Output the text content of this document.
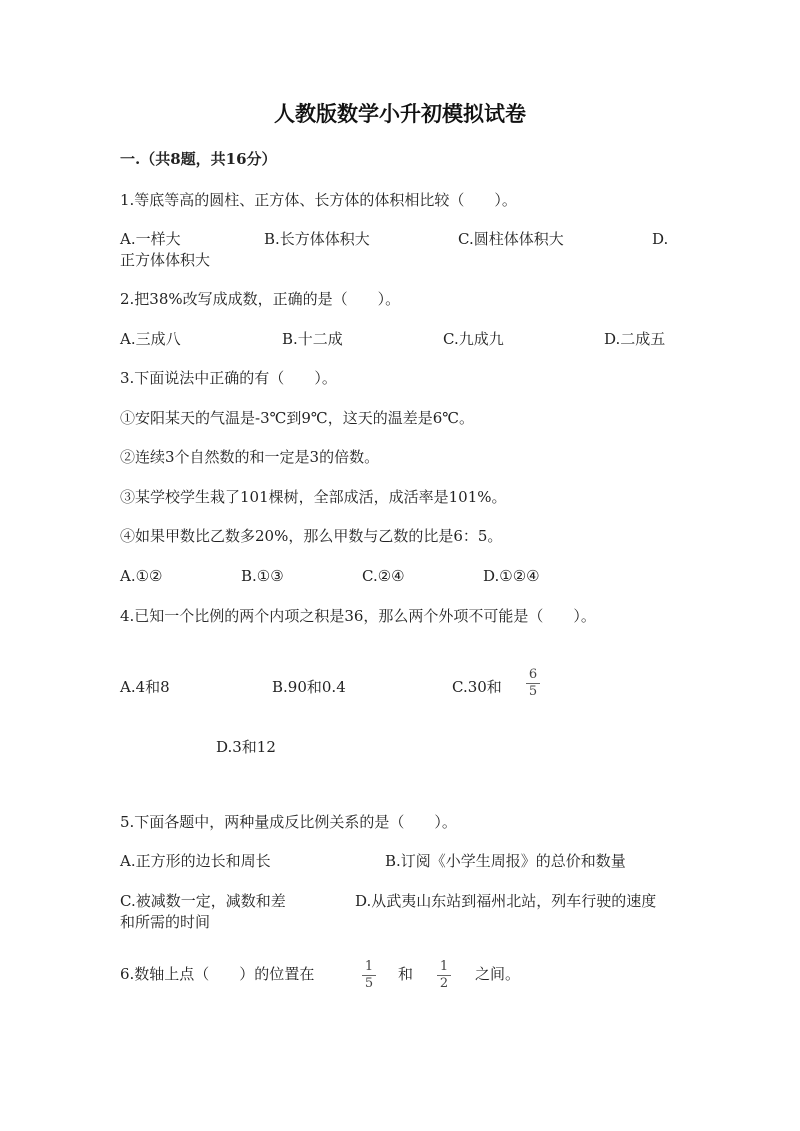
人教版数学小升初模拟试卷
一.（共8题，共16分）
1.等底等高的圆柱、正方体、长方体的体积相比较（　　）。
A.一样大	B.长方体体积大	C.圆柱体体积大	D.
正方体体积大
2.把38%改写成成数，正确的是（　　）。
A.三成八	B.十二成	C.九成九	D.二成五
3.下面说法中正确的有（　　）。
①安阳某天的气温是-3℃到9℃，这天的温差是6℃。
②连续3个自然数的和一定是3的倍数。
③某学校学生栽了101棵树，全部成活，成活率是101%。
④如果甲数比乙数多20%，那么甲数与乙数的比是6：5。
A.①②	B.①③	C.②④	D.①②④
4.已知一个比例的两个内项之积是36，那么两个外项不可能是（　　）。
A.4和8	B.90和0.4	C.30和
6
5
D.3和12
5.下面各题中，两种量成反比例关系的是（　　）。
A.正方形的边长和周长	B.订阅《小学生周报》的总价和数量
C.被减数一定，减数和差	D.从武夷山东站到福州北站，列车行驶的速度
和所需的时间
6.数轴上点（　　）的位置在	1
5
和 1
2
之间。
